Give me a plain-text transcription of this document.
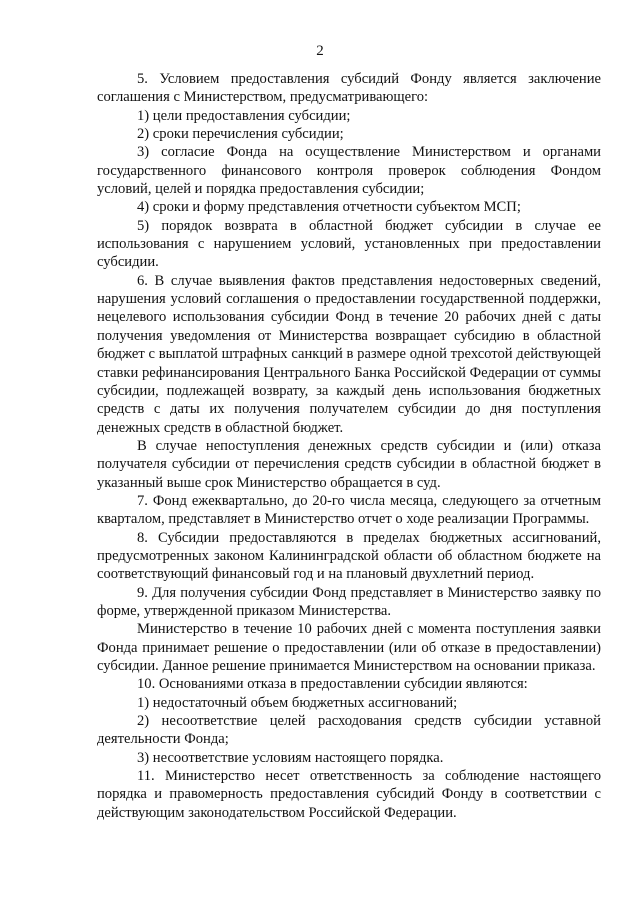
2

5. Условием предоставления субсидий Фонду является заключение соглашения с Министерством, предусматривающего:

1) цели предоставления субсидии;

2) сроки перечисления субсидии;

3) согласие Фонда на осуществление Министерством и органами государственного финансового контроля проверок соблюдения Фондом условий, целей и порядка предоставления субсидии;

4) сроки и форму представления отчетности субъектом МСП;

5) порядок возврата в областной бюджет субсидии в случае ее использования с нарушением условий, установленных при предоставлении субсидии.

6. В случае выявления фактов представления недостоверных сведений, нарушения условий соглашения о предоставлении государственной поддержки, нецелевого использования субсидии Фонд в течение 20 рабочих дней с даты получения уведомления от Министерства возвращает субсидию в областной бюджет с выплатой штрафных санкций в размере одной трехсотой действующей ставки рефинансирования Центрального Банка Российской Федерации от суммы субсидии, подлежащей возврату, за каждый день использования бюджетных средств с даты их получения получателем субсидии до дня поступления денежных средств в областной бюджет.

В случае непоступления денежных средств субсидии и (или) отказа получателя субсидии от перечисления средств субсидии в областной бюджет в указанный выше срок Министерство обращается в суд.

7. Фонд ежеквартально, до 20-го числа месяца, следующего за отчетным кварталом, представляет в Министерство отчет о ходе реализации Программы.

8. Субсидии предоставляются в пределах бюджетных ассигнований, предусмотренных законом Калининградской области об областном бюджете на соответствующий финансовый год и на плановый двухлетний период.

9. Для получения субсидии Фонд представляет в Министерство заявку по форме, утвержденной приказом Министерства.

Министерство в течение 10 рабочих дней с момента поступления заявки Фонда принимает решение о предоставлении (или об отказе в предоставлении) субсидии. Данное решение принимается Министерством на основании приказа.

10. Основаниями отказа в предоставлении субсидии являются:

1) недостаточный объем бюджетных ассигнований;

2) несоответствие целей расходования средств субсидии уставной деятельности Фонда;

3) несоответствие условиям настоящего порядка.

11. Министерство несет ответственность за соблюдение настоящего порядка и правомерность предоставления субсидий Фонду в соответствии с действующим законодательством Российской Федерации.
